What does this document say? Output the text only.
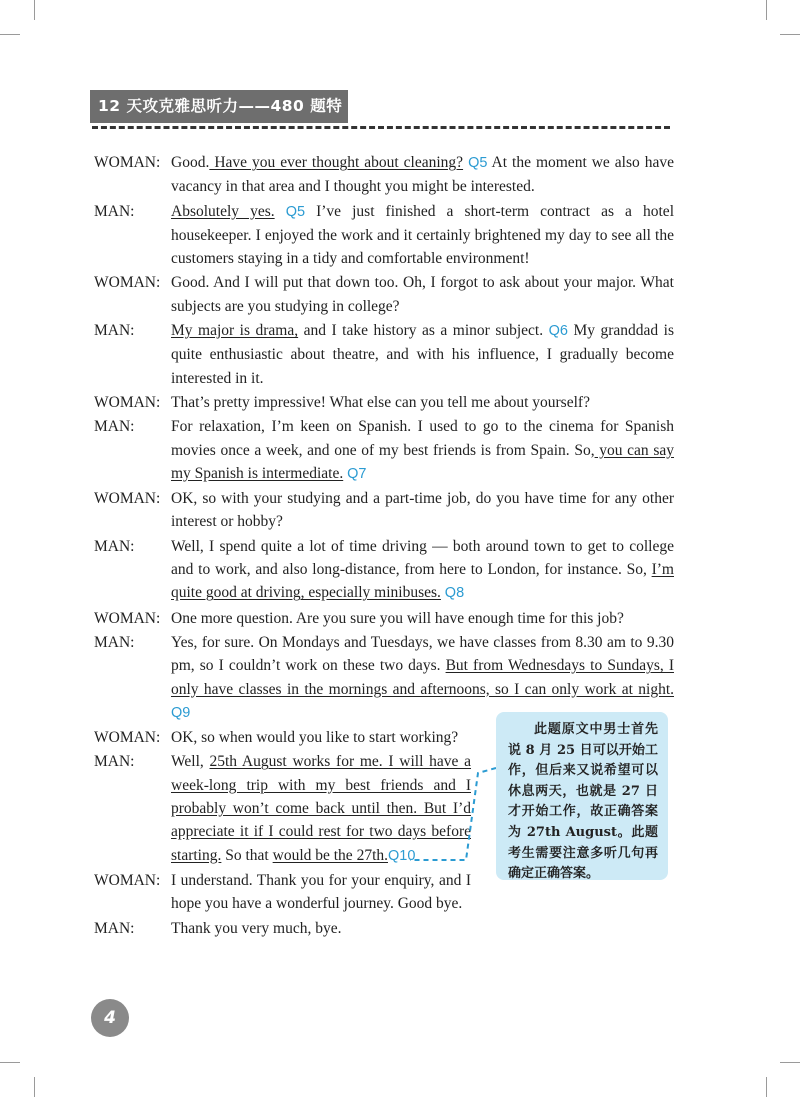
12 天攻克雅思听力——480 题特训版
WOMAN: Good. Have you ever thought about cleaning? Q5 At the moment we also have vacancy in that area and I thought you might be interested.
MAN:	Absolutely yes. Q5 I’ve just finished a short-term contract as a hotel housekeeper. I enjoyed the work and it certainly brightened my day to see all the customers staying in a tidy and comfortable environment!
WOMAN: Good. And I will put that down too. Oh, I forgot to ask about your major. What subjects are you studying in college?
MAN:	My major is drama, and I take history as a minor subject. Q6 My granddad is quite enthusiastic about theatre, and with his influence, I gradually become interested in it.
WOMAN: That’s pretty impressive! What else can you tell me about yourself?
MAN:	For relaxation, I’m keen on Spanish. I used to go to the cinema for Spanish movies once a week, and one of my best friends is from Spain. So, you can say my Spanish is intermediate. Q7
WOMAN: OK, so with your studying and a part-time job, do you have time for any other interest or hobby?
MAN:	Well, I spend quite a lot of time driving — both around town to get to college and to work, and also long-distance, from here to London, for instance. So, I’m quite good at driving, especially minibuses. Q8
WOMAN: One more question. Are you sure you will have enough time for this job?
MAN:	Yes, for sure. On Mondays and Tuesdays, we have classes from 8.30 am to 9.30 pm, so I couldn’t work on these two days. But from Wednesdays to Sundays, I only have classes in the mornings and afternoons, so I can only work at night. Q9
WOMAN: OK, so when would you like to start working?
MAN:	Well, 25th August works for me. I will have a week-long trip with my best friends and I probably won’t come back until then. But I’d appreciate it if I could rest for two days before starting. So that would be the 27th.Q10
WOMAN: I understand. Thank you for your enquiry, and I hope you have a wonderful journey. Good bye.
MAN:	Thank you very much, bye.
此题原文中男士首先说 8 月 25 日可以开始工作，但后来又说希望可以休息两天，也就是 27 日才开始工作，故正确答案为 27th August。此题考生需要注意多听几句再确定正确答案。
4
